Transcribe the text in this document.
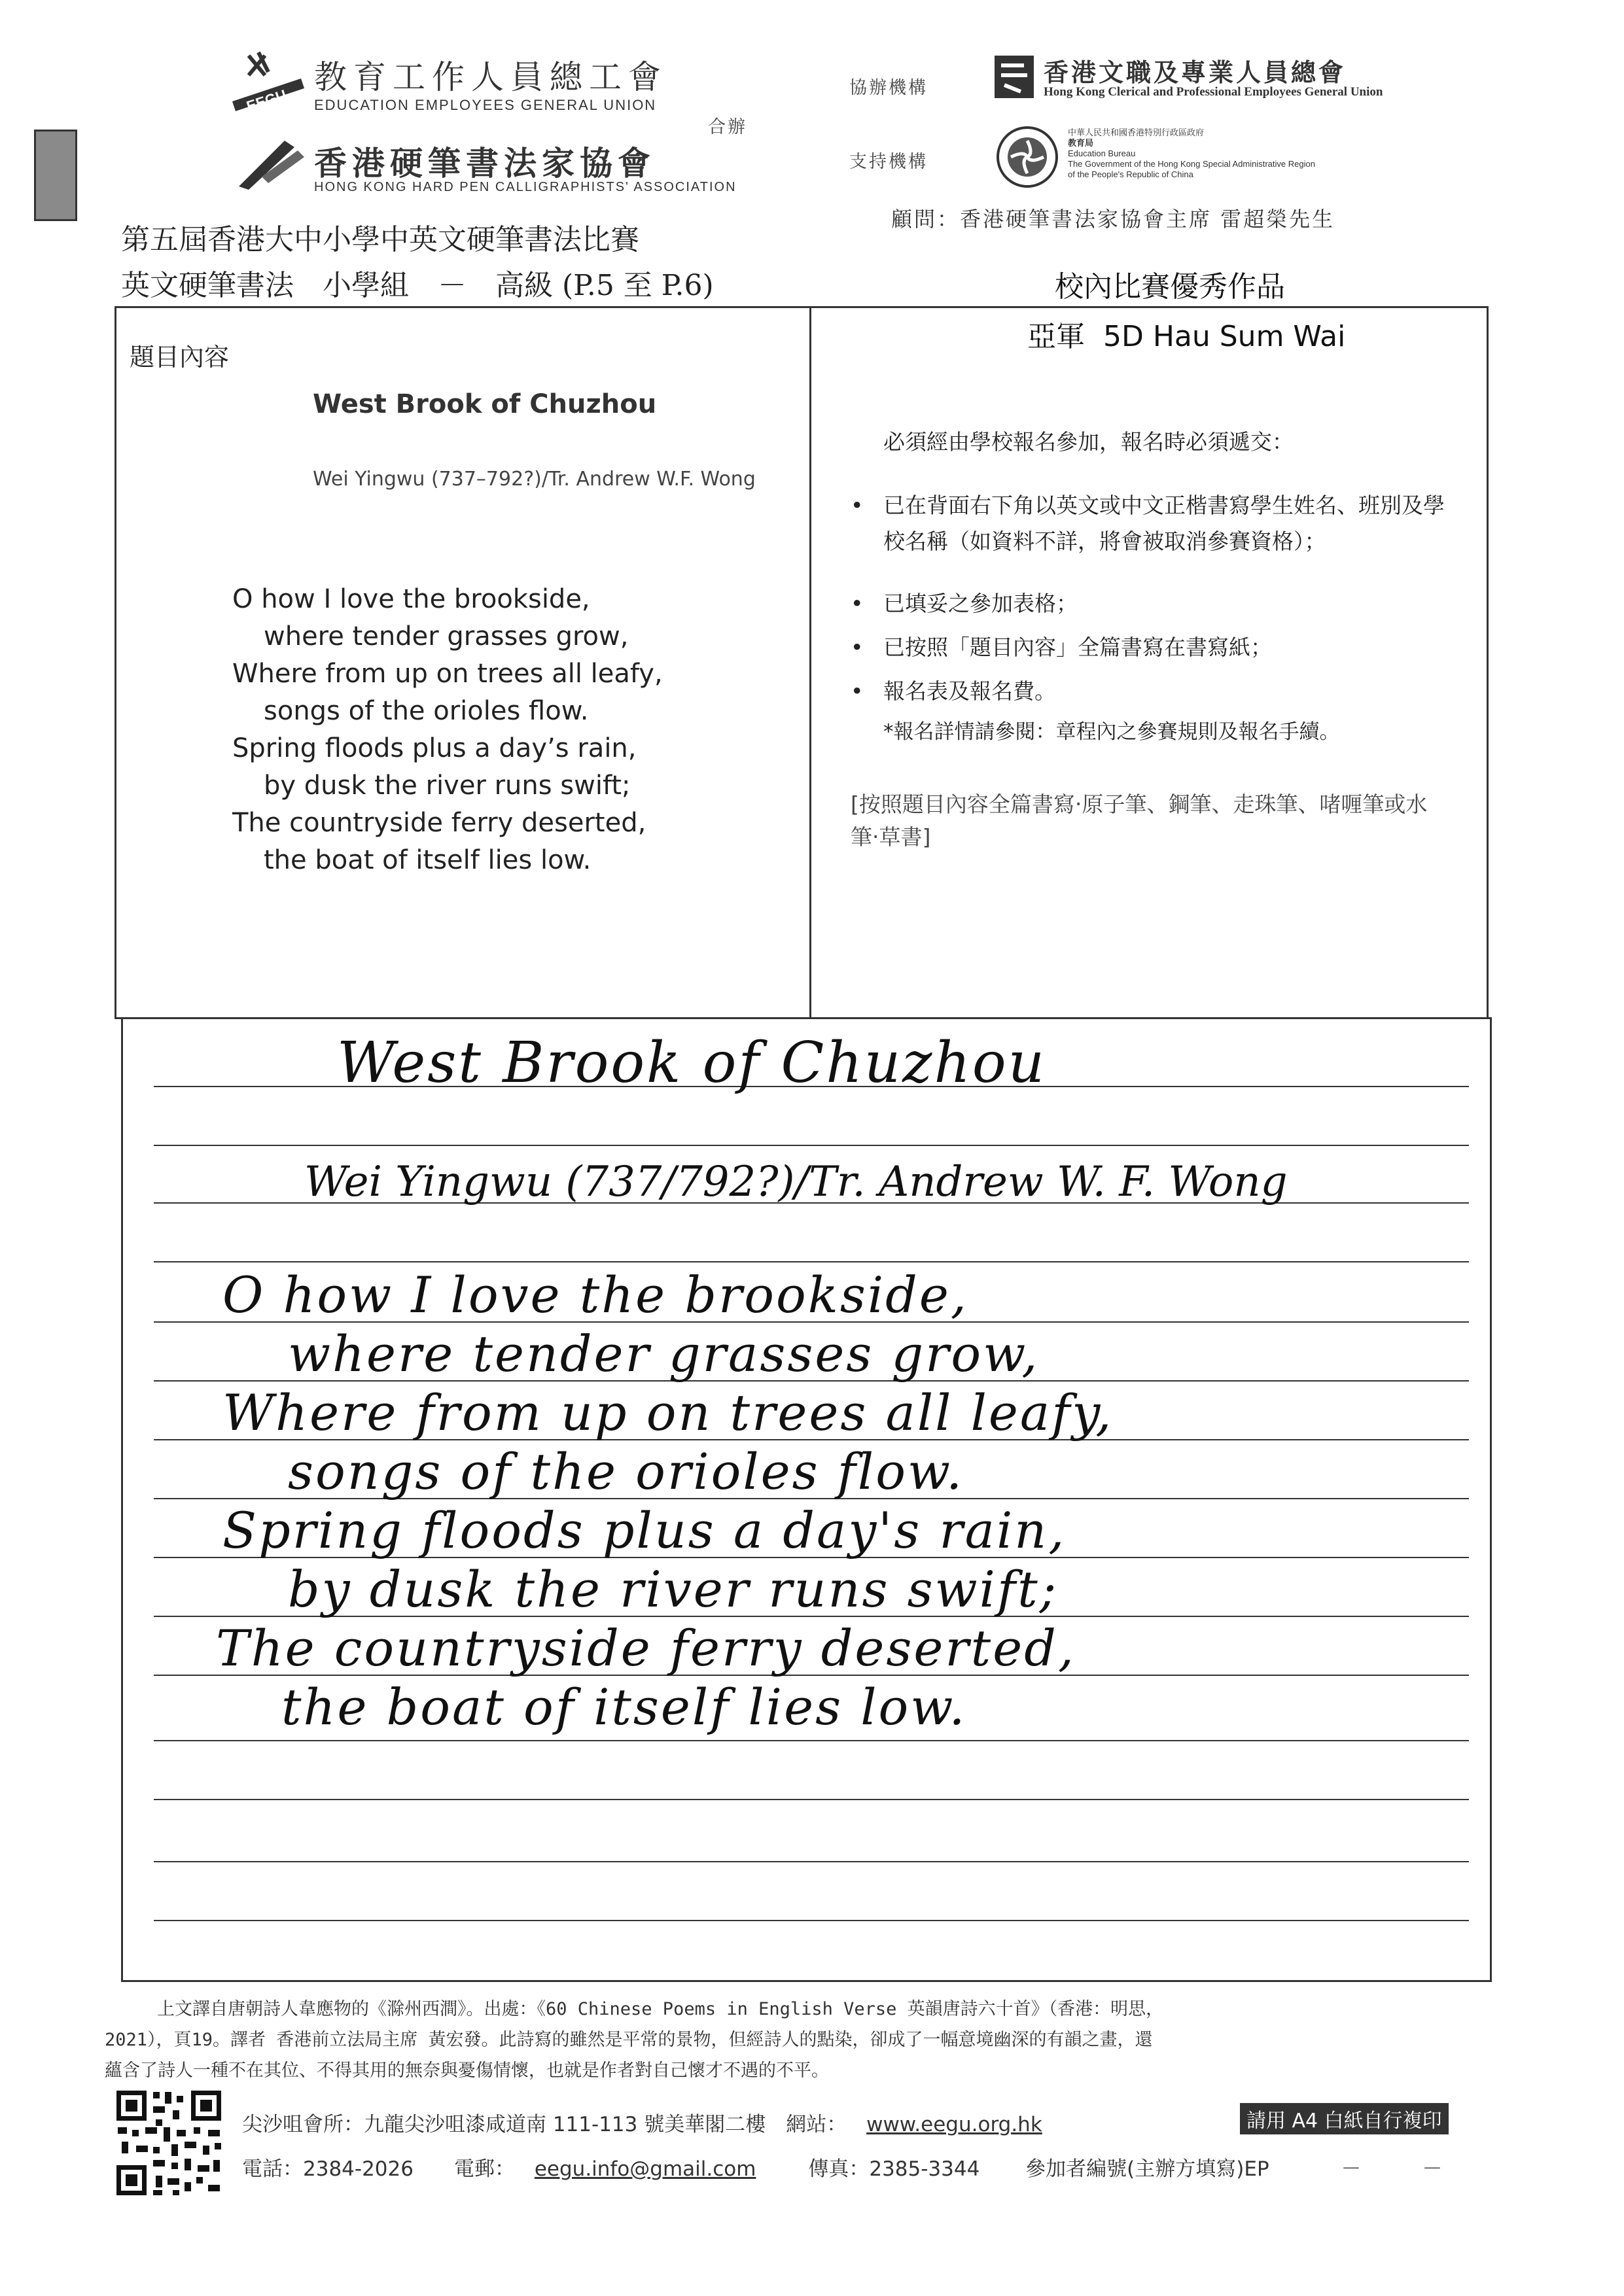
EEGU
教育工作人員總工會
EDUCATION EMPLOYEES GENERAL UNION
香港硬筆書法家協會
HONG KONG HARD PEN CALLIGRAPHISTS' ASSOCIATION
合辦
協辦機構
香港文職及專業人員總會
Hong Kong Clerical and Professional Employees General Union
支持機構
中華人民共和國香港特別行政區政府
教育局
Education Bureau
The Government of the Hong Kong Special Administrative Region
of the People's Republic of China
顧問：香港硬筆書法家協會主席 雷超榮先生
第五屆香港大中小學中英文硬筆書法比賽
英文硬筆書法　小學組　－　高級 (P.5 至 P.6)	校內比賽優秀作品
亞軍  5D Hau Sum Wai
題目內容
West Brook of Chuzhou
Wei Yingwu (737–792?)/Tr. Andrew W.F. Wong
O how I love the brookside,
where tender grasses grow,
Where from up on trees all leafy,
songs of the orioles flow.
Spring floods plus a day’s rain,
by dusk the river runs swift;
The countryside ferry deserted,
the boat of itself lies low.
必須經由學校報名參加，報名時必須遞交：
• 已在背面右下角以英文或中文正楷書寫學生姓名、班別及學校名稱（如資料不詳，將會被取消參賽資格）；
• 已填妥之參加表格；
• 已按照「題目內容」全篇書寫在書寫紙；
• 報名表及報名費。
*報名詳情請參閱：章程內之參賽規則及報名手續。
[按照題目內容全篇書寫‧原子筆、鋼筆、走珠筆、啫喱筆或水筆‧草書]
West Brook of Chuzhou
Wei Yingwu (737/792?)/Tr. Andrew W. F. Wong
O how I love the brookside,
where tender grasses grow,
Where from up on trees all leafy,
songs of the orioles flow.
Spring floods plus a day's rain,
by dusk the river runs swift;
The countryside ferry deserted,
the boat of itself lies low.
上文譯自唐朝詩人韋應物的《滁州西澗》。出處：《60 Chinese Poems in English Verse 英韻唐詩六十首》（香港：明思，
2021），頁19。譯者 香港前立法局主席 黃宏發。此詩寫的雖然是平常的景物，但經詩人的點染，卻成了一幅意境幽深的有韻之畫，還
蘊含了詩人一種不在其位、不得其用的無奈與憂傷情懷，也就是作者對自己懷才不遇的不平。
尖沙咀會所：九龍尖沙咀漆咸道南 111-113 號美華閣二樓　網站： www.eegu.org.hk	請用 A4 白紙自行複印
電話：2384-2026　　電郵： eegu.info@gmail.com	傳真：2385-3344 參加者編號(主辦方填寫)EP	－　　　－
